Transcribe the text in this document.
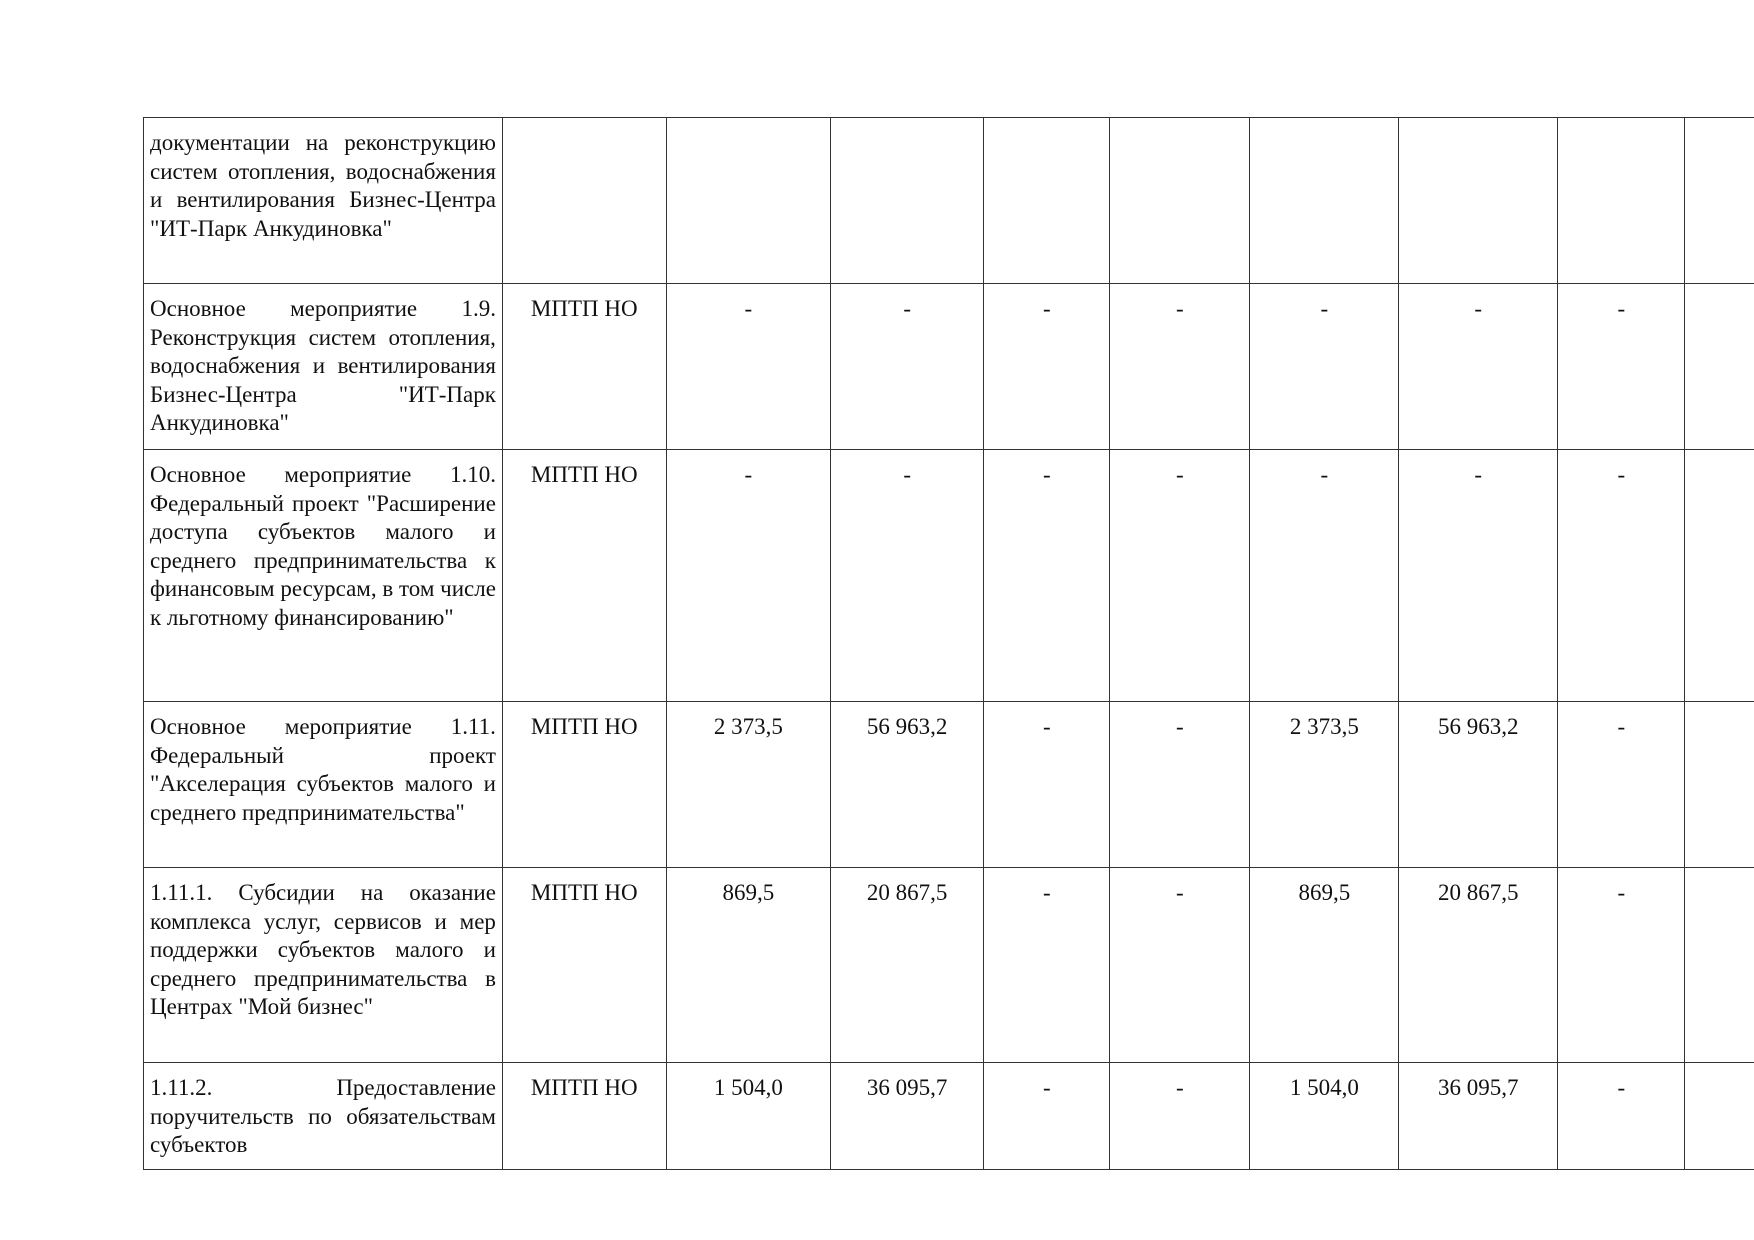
документации на реконструкцию систем отопления, водоснабжения и вентилирования Бизнес-Центра "ИТ-Парк Анкудиновка"									
Основное мероприятие 1.9. Реконструкция систем отопления, водоснабжения и вентилирования Бизнес-Центра "ИТ-Парк Анкудиновка"	МПТП НО	-	-	-	-	-	-	-	
Основное мероприятие 1.10. Федеральный проект "Расширение доступа субъектов малого и среднего предпринимательства к финансовым ресурсам, в том числе к льготному финансированию"	МПТП НО	-	-	-	-	-	-	-	
Основное мероприятие 1.11. Федеральный проект "Акселерация субъектов малого и среднего предпринимательства"	МПТП НО	2 373,5	56 963,2	-	-	2 373,5	56 963,2	-	
1.11.1. Субсидии на оказание комплекса услуг, сервисов и мер поддержки субъектов малого и среднего предпринимательства в Центрах "Мой бизнес"	МПТП НО	869,5	20 867,5	-	-	869,5	20 867,5	-	
1.11.2. Предоставление поручительств по обязательствам субъектов	МПТП НО	1 504,0	36 095,7	-	-	1 504,0	36 095,7	-	
